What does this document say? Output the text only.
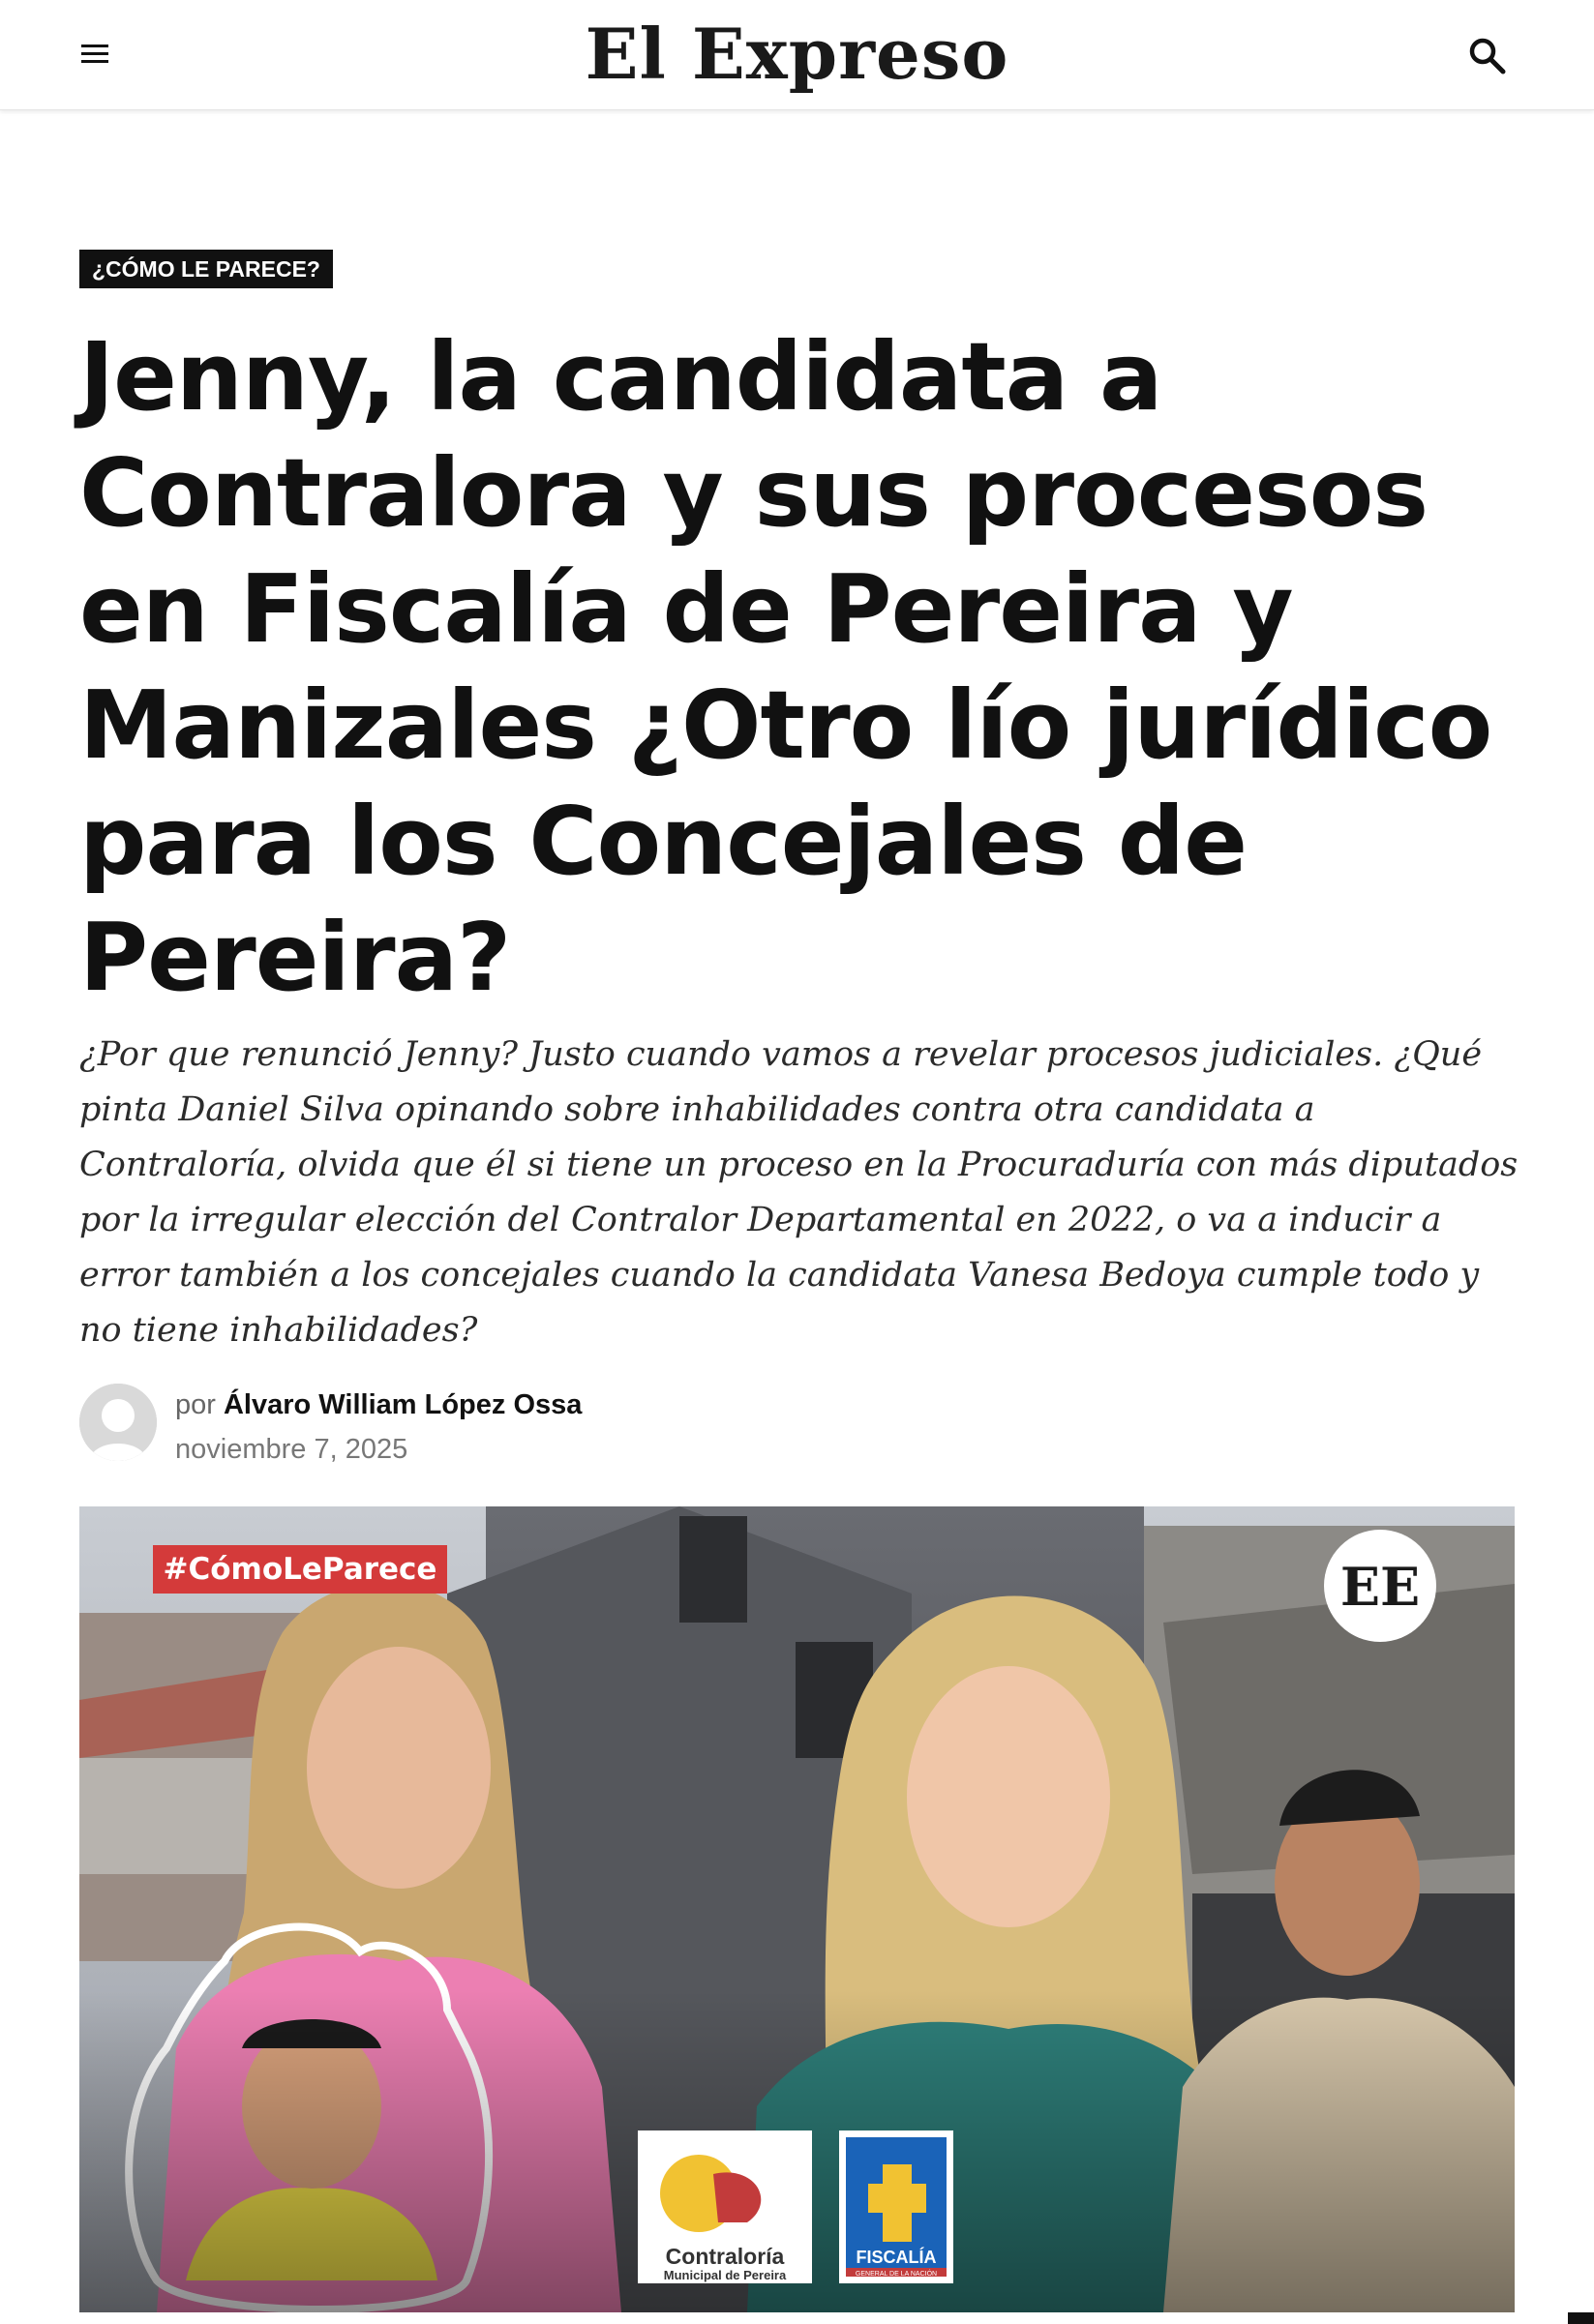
El Expreso
¿CÓMO LE PARECE?
Jenny, la candidata a Contralora y sus procesos en Fiscalía de Pereira y Manizales ¿Otro lío jurídico para los Concejales de Pereira?

¿Por que renunció Jenny? Justo cuando vamos a revelar procesos judiciales. ¿Qué pinta Daniel Silva opinando sobre inhabilidades contra otra candidata a Contraloría, olvida que él si tiene un proceso en la Procuraduría con más diputados por la irregular elección del Contralor Departamental en 2022, o va a inducir a error también a los concejales cuando la candidata Vanesa Bedoya cumple todo y no tiene inhabilidades?

por Álvaro William López Ossa
noviembre 7, 2025
#CómoLeParece	EE
Contraloría
Municipal de Pereira
FISCALÍA
GENERAL DE LA NACIÓN
